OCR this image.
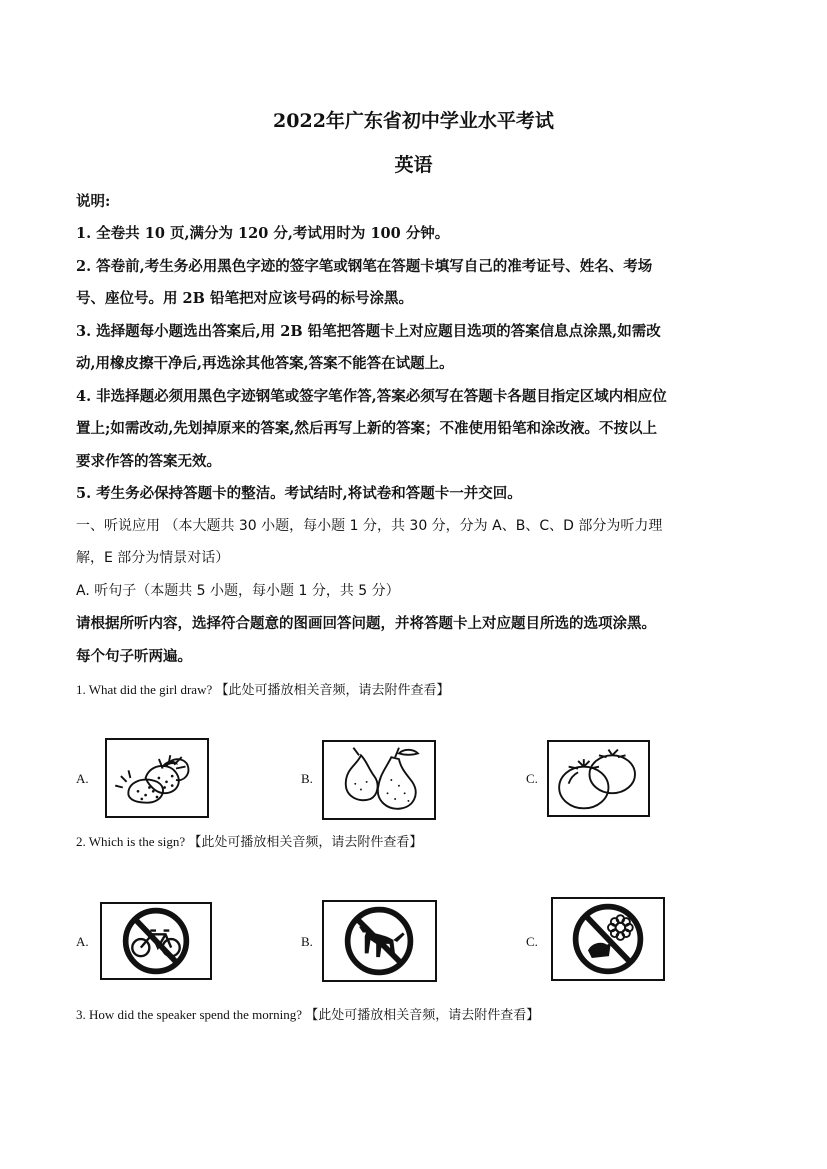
2022年广东省初中学业水平考试
英语
说明:
1. 全卷共 10 页,满分为 120 分,考试用时为 100 分钟。
2. 答卷前,考生务必用黑色字迹的签字笔或钢笔在答题卡填写自己的准考证号、姓名、考场
号、座位号。用 2B 铅笔把对应该号码的标号涂黑。
3. 选择题每小题选出答案后,用 2B 铅笔把答题卡上对应题目选项的答案信息点涂黑,如需改
动,用橡皮擦干净后,再选涂其他答案,答案不能答在试题上。
4. 非选择题必须用黑色字迹钢笔或签字笔作答,答案必须写在答题卡各题目指定区域内相应位
置上;如需改动,先划掉原来的答案,然后再写上新的答案；不准使用铅笔和涂改液。不按以上
要求作答的答案无效。
5. 考生务必保持答题卡的整洁。考试结时,将试卷和答题卡一并交回。
一、听说应用 （本大题共 30 小题，每小题 1 分，共 30 分，分为 A、B、C、D 部分为听力理
解，E 部分为情景对话）
A. 听句子（本题共 5 小题，每小题 1 分，共 5 分）
请根据所听内容，选择符合题意的图画回答问题，并将答题卡上对应题目所选的选项涂黑。
每个句子听两遍。
1. What did the girl draw? 【此处可播放相关音频，请去附件查看】
A.	B.	C.
2. Which is the sign? 【此处可播放相关音频，请去附件查看】
A.	B.	C.
3. How did the speaker spend the morning? 【此处可播放相关音频，请去附件查看】
